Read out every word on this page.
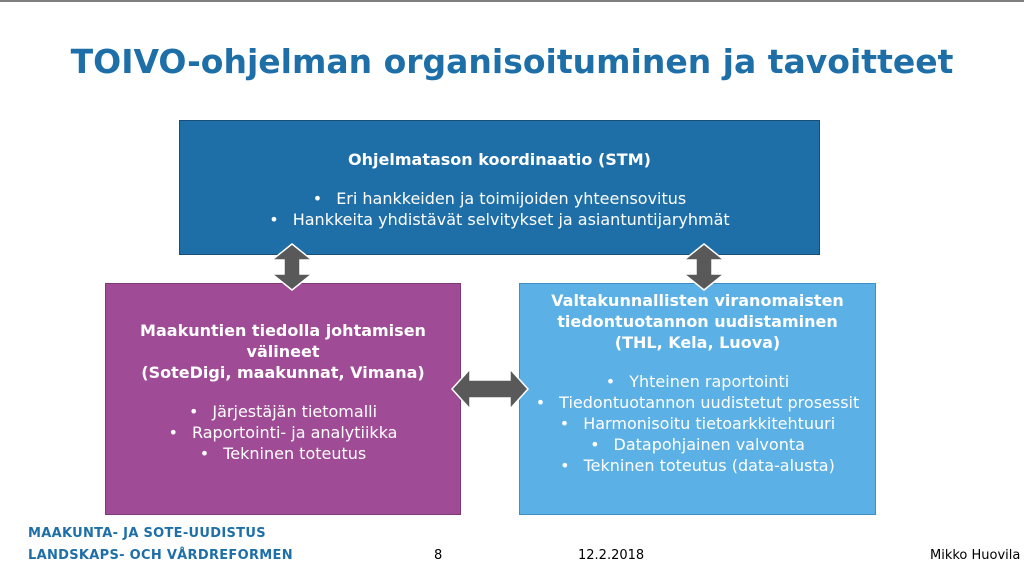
TOIVO-ohjelman organisoituminen ja tavoitteet
Ohjelmatason koordinaatio (STM)
• Eri hankkeiden ja toimijoiden yhteensovitus
• Hankkeita yhdistävät selvitykset ja asiantuntijaryhmät
Maakuntien tiedolla johtamisen
välineet
(SoteDigi, maakunnat, Vimana)
• Järjestäjän tietomalli
• Raportointi- ja analytiikka
• Tekninen toteutus
Valtakunnallisten viranomaisten
tiedontuotannon uudistaminen
(THL, Kela, Luova)
• Yhteinen raportointi
• Tiedontuotannon uudistetut prosessit
• Harmonisoitu tietoarkkitehtuuri
• Datapohjainen valvonta
• Tekninen toteutus (data-alusta)
MAAKUNTA- JA SOTE-UUDISTUS
LANDSKAPS- OCH VÅRDREFORMEN	8	12.2.2018	Mikko Huovila
